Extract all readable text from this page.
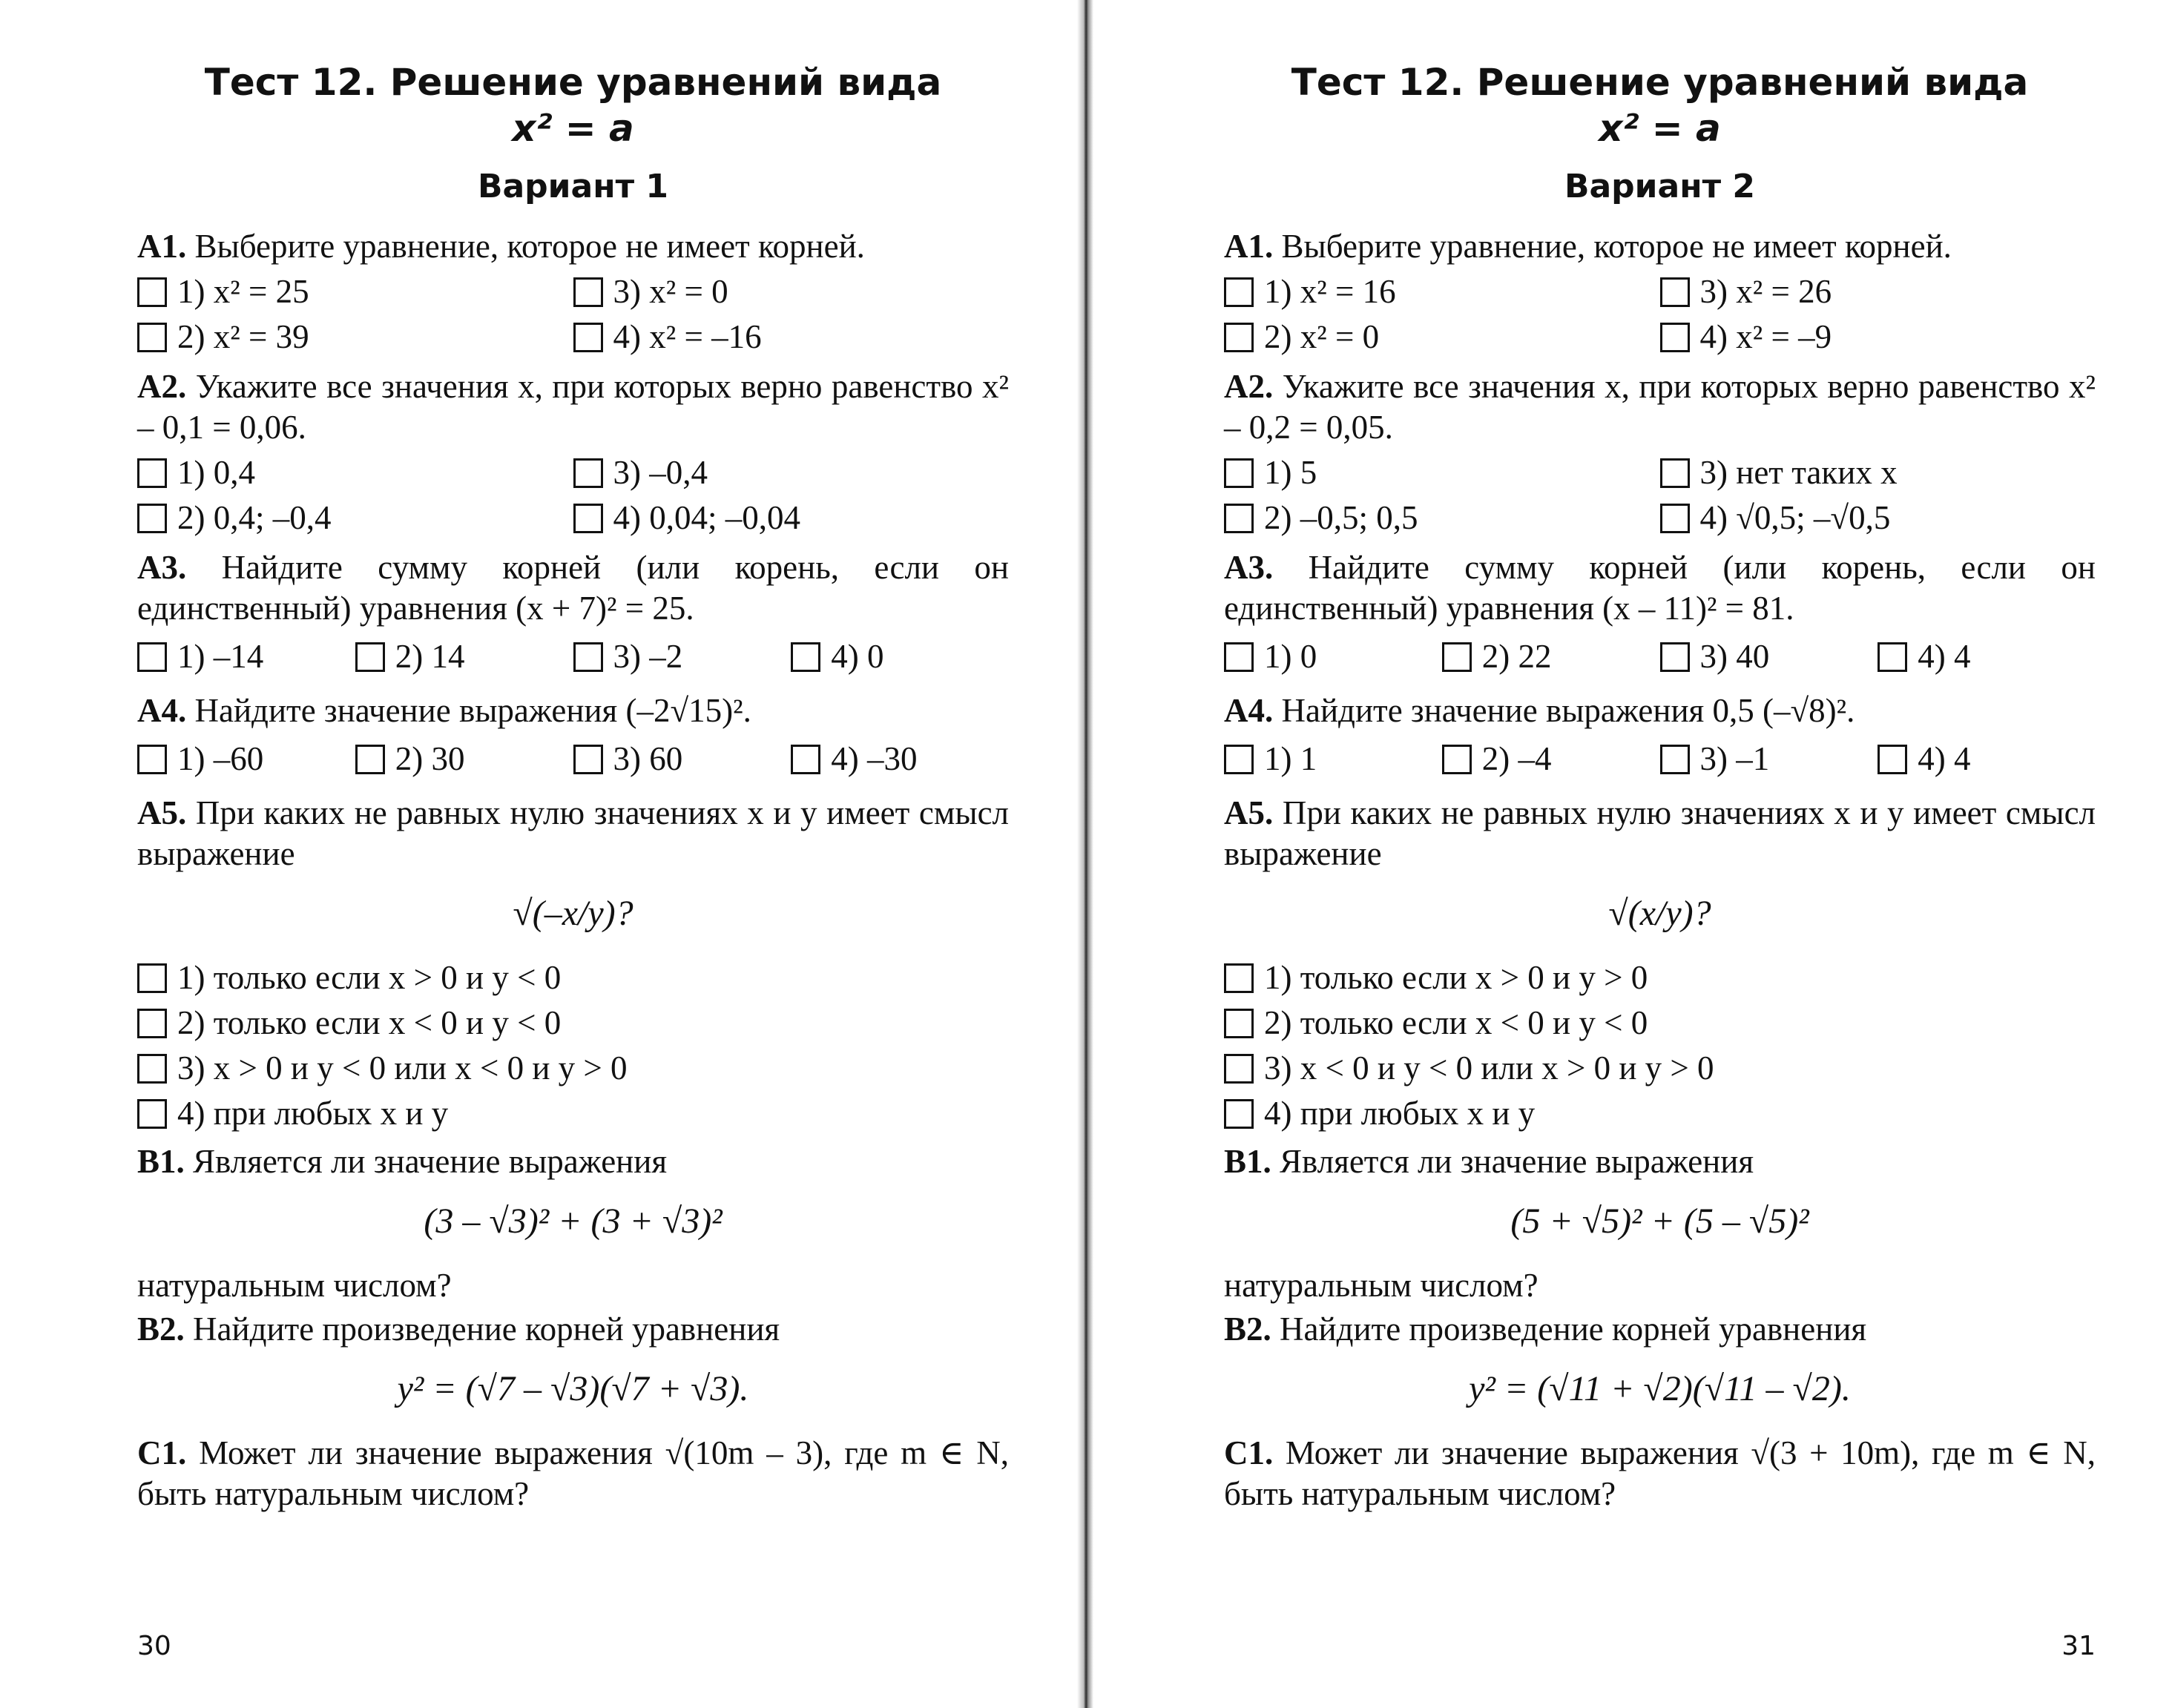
Тест 12. Решение уравнений вида
x² = a
Вариант 1

А1. Выберите уравнение, которое не имеет корней.

1) x² = 25	3) x² = 0
2) x² = 39	4) x² = –16

А2. Укажите все значения x, при которых верно равенство x² – 0,1 = 0,06.

1) 0,4	3) –0,4
2) 0,4; –0,4	4) 0,04; –0,04

А3. Найдите сумму корней (или корень, если он единственный) уравнения (x + 7)² = 25.

1) –14	2) 14	3) –2	4) 0

А4. Найдите значение выражения (–2√15)².

1) –60	2) 30	3) 60	4) –30

А5. При каких не равных нулю значениях x и y имеет смысл выражение

√(–x/y)?
1) только если x > 0 и y < 0
2) только если x < 0 и y < 0
3) x > 0 и y < 0 или x < 0 и y > 0
4) при любых x и y

В1. Является ли значение выражения

(3 – √3)² + (3 + √3)²

натуральным числом?

В2. Найдите произведение корней уравнения

y² = (√7 – √3)(√7 + √3).

С1. Может ли значение выражения √(10m – 3), где m ∈ N, быть натуральным числом?

30
Тест 12. Решение уравнений вида
x² = a
Вариант 2

А1. Выберите уравнение, которое не имеет корней.

1) x² = 16	3) x² = 26
2) x² = 0	4) x² = –9

А2. Укажите все значения x, при которых верно равенство x² – 0,2 = 0,05.

1) 5	3) нет таких x
2) –0,5; 0,5	4) √0,5; –√0,5

А3. Найдите сумму корней (или корень, если он единственный) уравнения (x – 11)² = 81.

1) 0	2) 22	3) 40	4) 4

А4. Найдите значение выражения 0,5 (–√8)².

1) 1	2) –4	3) –1	4) 4

А5. При каких не равных нулю значениях x и y имеет смысл выражение

√(x/y)?
1) только если x > 0 и y > 0
2) только если x < 0 и y < 0
3) x < 0 и y < 0 или x > 0 и y > 0
4) при любых x и y

В1. Является ли значение выражения

(5 + √5)² + (5 – √5)²

натуральным числом?

В2. Найдите произведение корней уравнения

y² = (√11 + √2)(√11 – √2).

С1. Может ли значение выражения √(3 + 10m), где m ∈ N, быть натуральным числом?

31
